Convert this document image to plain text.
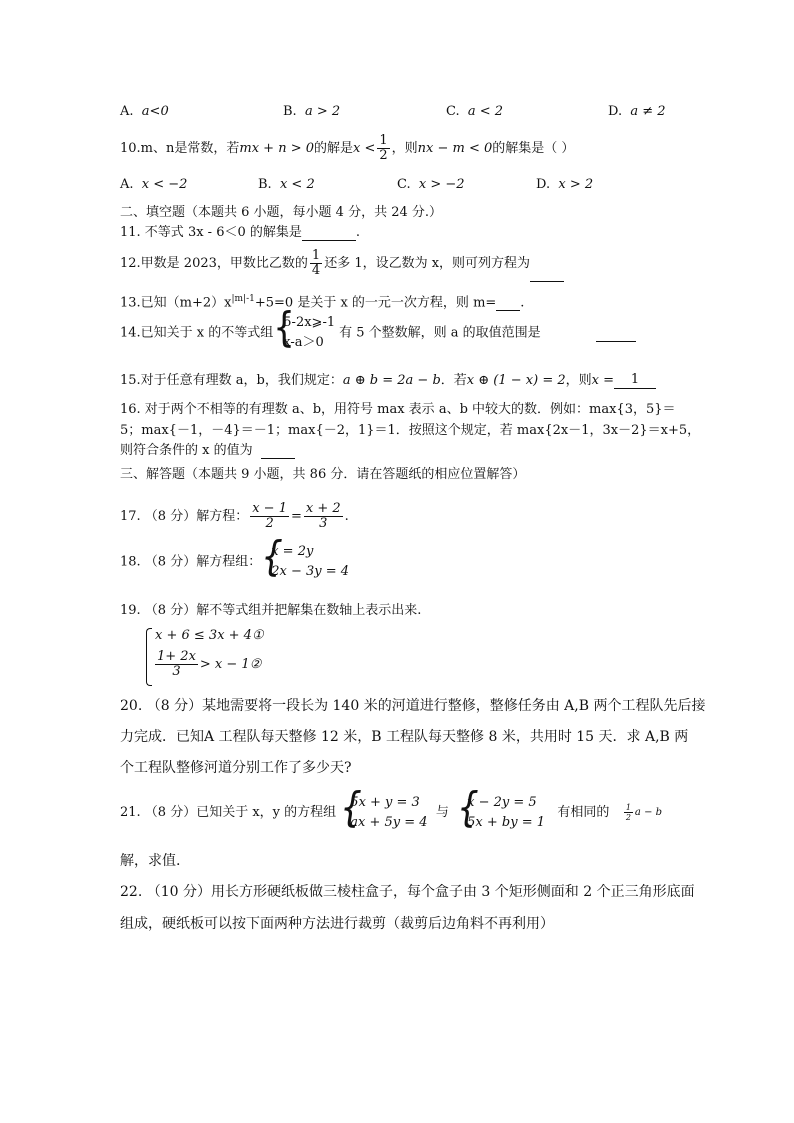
A. a<0	B. a > 2	C. a < 2	D. a ≠ 2
10.m、n是常数，若mx + n > 0的解是$x < \frac{1}{2}$ ，则nx − m < 0的解集是（ ）
A. x < −2	B. x < 2	C. x > −2	D. x > 2
二、填空题（本题共 6 小题，每小题 4 分，共 24 分.）
11. 不等式 3x - 6＜0 的解集是	.
12.甲数是 2023，甲数比乙数的 $\frac{1}{4}$ 还多 1，设乙数为 x，则可列方程为
13.已知$(m+2)x^{|m|-1}+5=0$ 是关于 x 的一元一次方程，则 m= .
14.已知关于 x 的不等式组 {
5-2x⩾-1
x-a＞0
有 5 个整数解，则 a 的取值范围是
15.对于任意有理数 a，b，我们规定：a ⊕ b = 2a − b．若x ⊕ (1 − x) = 2，则x = 1
16. 对于两个不相等的有理数 a、b，用符号 max 表示 a、b 中较大的数．例如：max{3，5}＝
5；max{－1，－4}＝－1；max{－2，1}＝1．按照这个规定，若 max{2x－1，3x－2}＝x+5，
则符合条件的 x 的值为
三、解答题（本题共 9 小题，共 86 分．请在答题纸的相应位置解答）
17. （8 分）解方程： $\frac{x - 1}{2} = \frac{x + 2}{3}$ .
18. （8 分）解方程组： {
x = 2y
2x − 3y = 4
19. （8 分）解不等式组并把解集在数轴上表示出来.
x + 6 ≤ 3x + 4①
$\frac{1+ 2x}{3} > x$ − 1②
20. （8 分）某地需要将一段长为 140 米的河道进行整修，整修任务由 A,B 两个工程队先后接
力完成．已知A 工程队每天整修 12 米，B 工程队每天整修 8 米，共用时 15 天．求 A,B 两
个工程队整修河道分别工作了多少天?
21. （8 分）已知关于 x，y 的方程组 {
5x + y = 3
ax + 5y = 4
与 {
x − 2y = 5
5x + by = 1
有相同的 $\frac{1}{2}$ a − b
解，求值.
22. （10 分）用长方形硬纸板做三棱柱盒子，每个盒子由 3 个矩形侧面和 2 个正三角形底面
组成，硬纸板可以按下面两种方法进行裁剪（裁剪后边角料不再利用）
